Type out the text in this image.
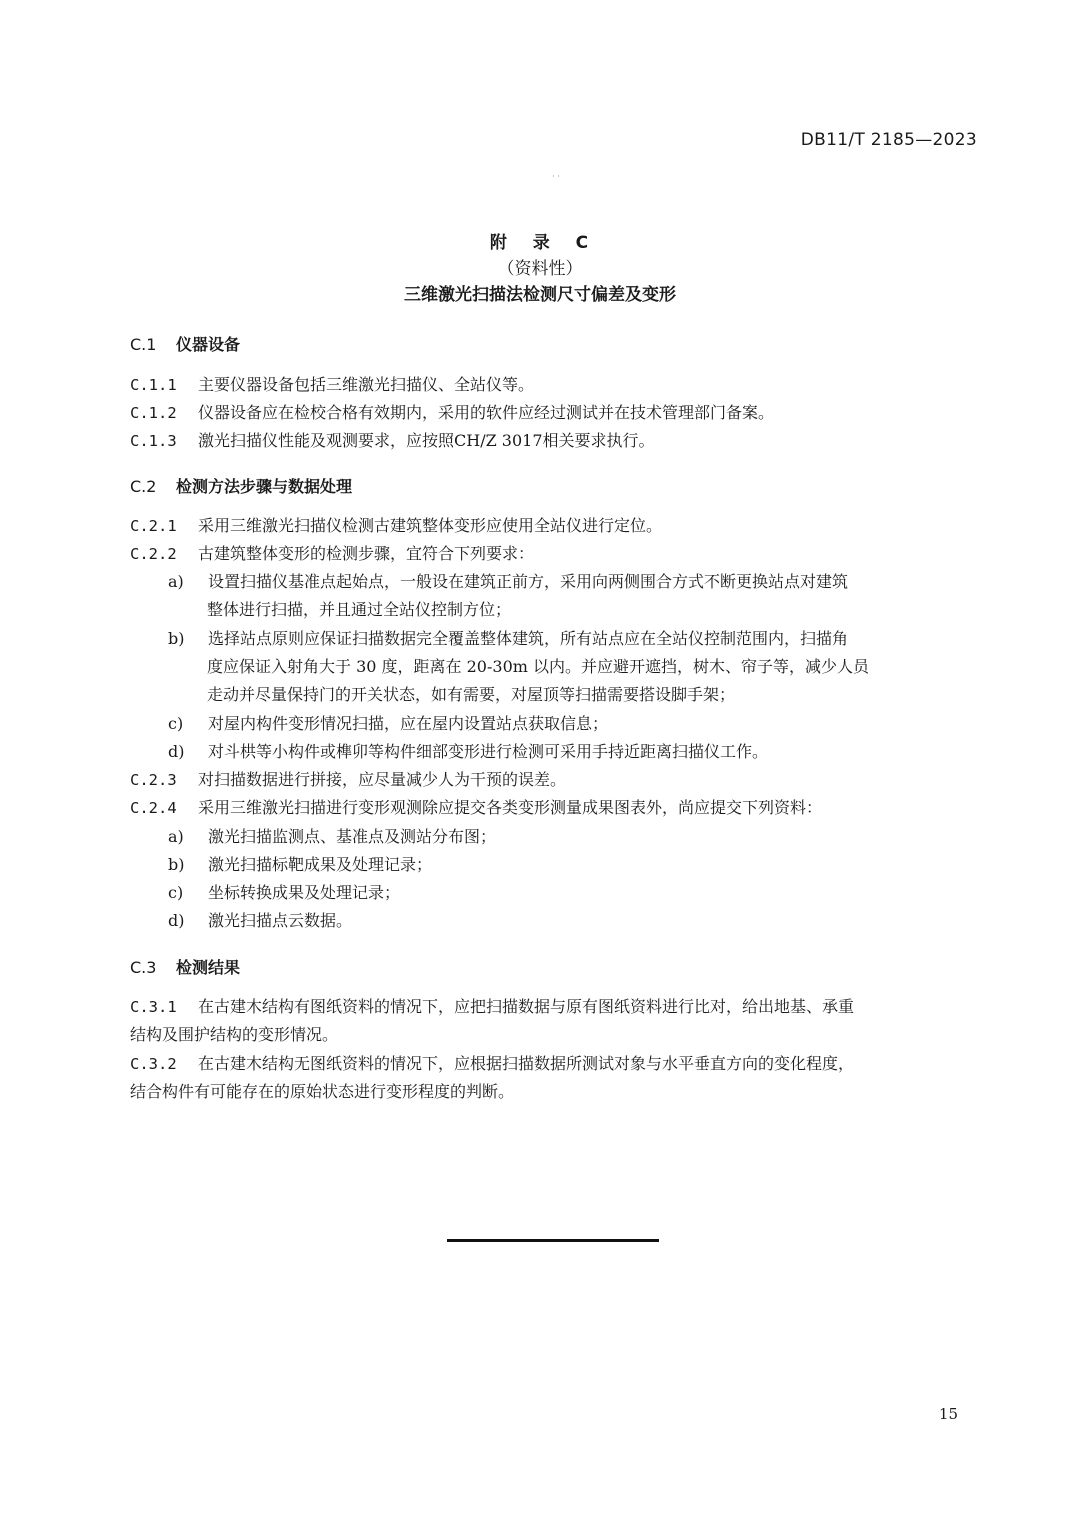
DB11/T 2185—2023
· ·
附 录 C
（资料性）
三维激光扫描法检测尺寸偏差及变形
C.1 仪器设备
C.1.1 主要仪器设备包括三维激光扫描仪、全站仪等。
C.1.2 仪器设备应在检校合格有效期内，采用的软件应经过测试并在技术管理部门备案。
C.1.3 激光扫描仪性能及观测要求，应按照CH/Z 3017相关要求执行。
C.2 检测方法步骤与数据处理
C.2.1 采用三维激光扫描仪检测古建筑整体变形应使用全站仪进行定位。
C.2.2 古建筑整体变形的检测步骤，宜符合下列要求：
a) 设置扫描仪基准点起始点，一般设在建筑正前方，采用向两侧围合方式不断更换站点对建筑
整体进行扫描，并且通过全站仪控制方位；
b) 选择站点原则应保证扫描数据完全覆盖整体建筑，所有站点应在全站仪控制范围内，扫描角
度应保证入射角大于 30 度，距离在 20-30m 以内。并应避开遮挡，树木、帘子等，减少人员
走动并尽量保持门的开关状态，如有需要，对屋顶等扫描需要搭设脚手架；
c) 对屋内构件变形情况扫描，应在屋内设置站点获取信息；
d) 对斗栱等小构件或榫卯等构件细部变形进行检测可采用手持近距离扫描仪工作。
C.2.3 对扫描数据进行拼接，应尽量减少人为干预的误差。
C.2.4 采用三维激光扫描进行变形观测除应提交各类变形测量成果图表外，尚应提交下列资料：
a) 激光扫描监测点、基准点及测站分布图；
b) 激光扫描标靶成果及处理记录；
c) 坐标转换成果及处理记录；
d) 激光扫描点云数据。
C.3 检测结果
C.3.1 在古建木结构有图纸资料的情况下，应把扫描数据与原有图纸资料进行比对，给出地基、承重
结构及围护结构的变形情况。
C.3.2 在古建木结构无图纸资料的情况下，应根据扫描数据所测试对象与水平垂直方向的变化程度，
结合构件有可能存在的原始状态进行变形程度的判断。
15
